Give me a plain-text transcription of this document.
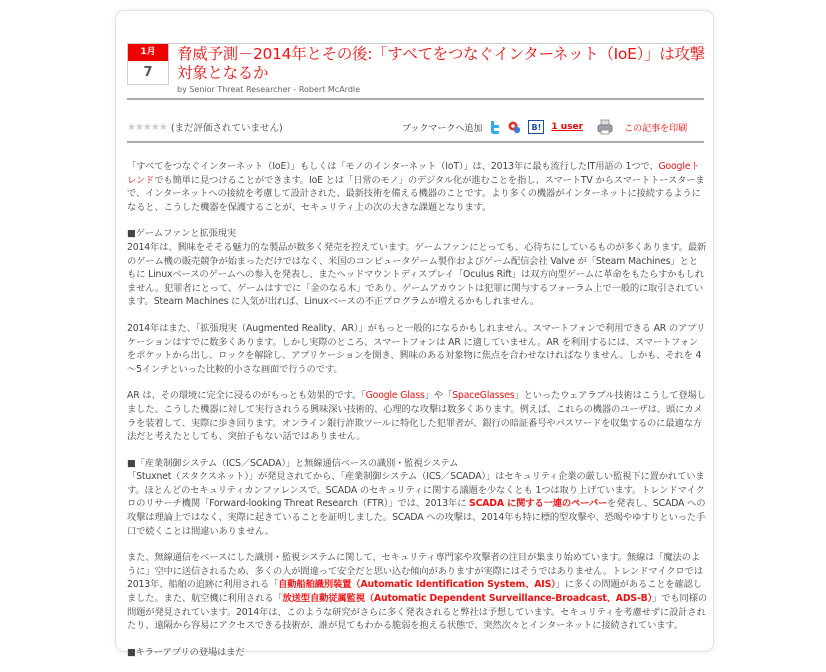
1月
7
脅威予測－2014年とその後:「すべてをつなぐインターネット（IoE）」は攻撃対象となるか
by Senior Threat Researcher - Robert McArdle
★★★★★ (まだ評価されていません)	ブックマークへ追加	B!	1 user	この記事を印刷

「すべてをつなぐインターネット（IoE）」もしくは「モノのインターネット（IoT）」は、2013年に最も流行したIT用語の 1つで、Googleトレンドでも簡単に見つけることができます。IoE とは「日常のモノ」のデジタル化が進むことを指し、スマートTV からスマートトースターまで、インターネットへの接続を考慮して設計された、最新技術を備える機器のことです。より多くの機器がインターネットに接続するようになると、こうした機器を保護することが、セキュリティ上の次の大きな課題となります。

■ゲームファンと拡張現実
2014年は、興味をそそる魅力的な製品が数多く発売を控えています。ゲームファンにとっても、心待ちにしているものが多くあります。最新のゲーム機の販売競争が始まっただけではなく、米国のコンピュータゲーム製作およびゲーム配信会社 Valve が「Steam Machines」とともに Linuxベースのゲームへの参入を発表し、またヘッドマウントディスプレイ「Oculus Rift」は双方向型ゲームに革命をもたらすかもしれません。犯罪者にとって、ゲームはすでに「金のなる木」であり、ゲームアカウントは犯罪に関与するフォーラム上で一般的に取引されています。Steam Machines に人気が出れば、Linuxベースの不正プログラムが増えるかもしれません。

2014年はまた、「拡張現実（Augmented Reality、AR）」がもっと一般的になるかもしれません。スマートフォンで利用できる AR のアプリケーションはすでに数多くあります。しかし実際のところ、スマートフォンは AR に適していません。AR を利用するには、スマートフォンをポケットから出し、ロックを解除し、アプリケーションを開き、興味のある対象物に焦点を合わせなければなりません。しかも、それを 4～5インチといった比較的小さな画面で行うのです。

AR は、その環境に完全に浸るのがもっとも効果的です。「Google Glass」や「SpaceGlasses」といったウェアラブル技術はこうして登場しました。こうした機器に対して実行されうる興味深い技術的、心理的な攻撃は数多くあります。例えば、これらの機器のユーザは、頭にカメラを装着して、実際に歩き回ります。オンライン銀行詐欺ツールに特化した犯罪者が、銀行の暗証番号やパスワードを収集するのに最適な方法だと考えたとしても、突拍子もない話ではありません。

■「産業制御システム（ICS／SCADA）」と無線通信ベースの識別・監視システム
「Stuxnet（スタクスネット）」が発見されてから、「産業制御システム（ICS／SCADA）」はセキュリティ企業の厳しい監視下に置かれています。ほとんどのセキュリティカンファレンスで、SCADA のセキュリティに関する議題を少なくとも 1つは取り上げています。トレンドマイクロのリサーチ機関「Forward-looking Threat Research（FTR）」では、2013年に SCADA に関する一連のペーパーを発表し、SCADA への攻撃は理論上ではなく、実際に起きていることを証明しました。SCADA への攻撃は、2014年も特に標的型攻撃や、恐喝やゆすりといった手口で続くことは間違いありません。

また、無線通信をベースにした識別・監視システムに関して、セキュリティ専門家や攻撃者の注目が集まり始めています。無線は「魔法のように」空中に送信されるため、多くの人が間違って安全だと思い込む傾向がありますが実際にはそうではありません。トレンドマイクロでは2013年、船舶の追跡に利用される「自動船舶識別装置（Automatic Identification System、AIS）」に多くの問題があることを確認しました。また、航空機に利用される「放送型自動従属監視（Automatic Dependent Surveillance-Broadcast、ADS-B）」でも同様の問題が発見されています。2014年は、このような研究がさらに多く発表されると弊社は予想しています。セキュリティを考慮せずに設計されたり、遠隔から容易にアクセスできる技術が、誰が見てもわかる脆弱を抱える状態で、突然次々とインターネットに接続されています。

■キラーアプリの登場はまだ
